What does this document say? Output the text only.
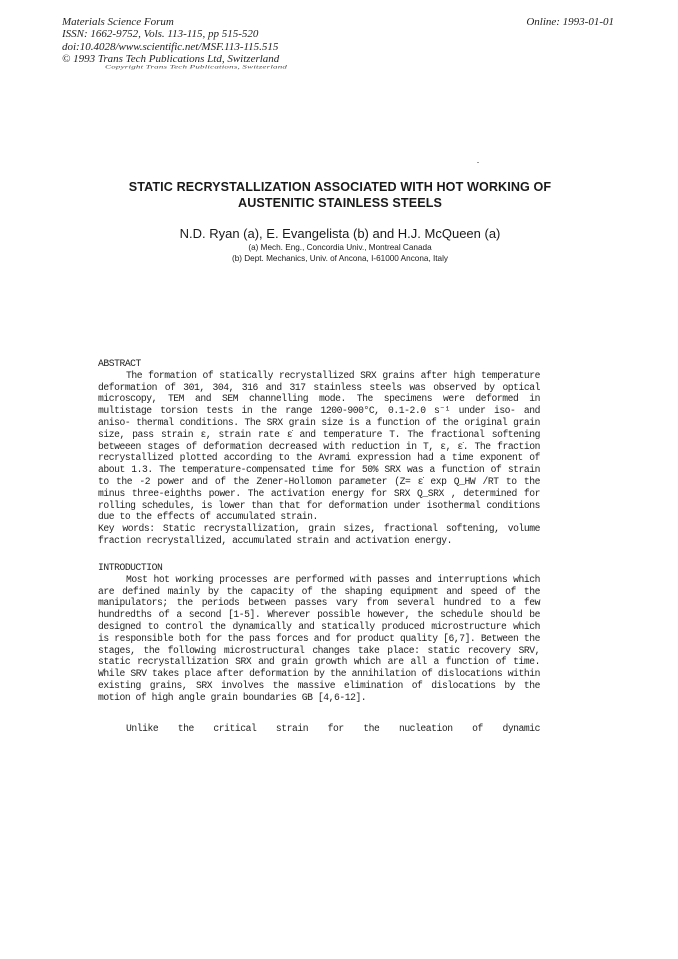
Materials Science Forum
ISSN: 1662-9752, Vols. 113-115, pp 515-520
doi:10.4028/www.scientific.net/MSF.113-115.515
© 1993 Trans Tech Publications Ltd, Switzerland
Online: 1993-01-01
Copyright Trans Tech Publications, Switzerland
STATIC RECRYSTALLIZATION ASSOCIATED WITH HOT WORKING OF
AUSTENITIC STAINLESS STEELS
N.D. Ryan (a), E. Evangelista (b) and H.J. McQueen (a)
(a) Mech. Eng., Concordia Univ., Montreal Canada
(b) Dept. Mechanics, Univ. of Ancona, I-61000 Ancona, Italy
ABSTRACT

The formation of statically recrystallized SRX grains after high temperature deformation of 301, 304, 316 and 317 stainless steels was observed by optical microscopy, TEM and SEM channelling mode. The specimens were deformed in multistage torsion tests in the range 1200-900°C, 0.1-2.0 s⁻¹ under iso- and aniso- thermal conditions. The SRX grain size is a function of the original grain size, pass strain ε, strain rate ε̇ and temperature T. The fractional softening betweeen stages of deformation decreased with reduction in T, ε, ε̇. The fraction recrystallized plotted according to the Avrami expression had a time exponent of about 1.3. The temperature-compensated time for 50% SRX was a function of strain to the -2 power and of the Zener-Hollomon parameter (Z= ε̇ exp Q_HW /RT to the minus three-eighths power. The activation energy for SRX Q_SRX , determined for rolling schedules, is lower than that for deformation under isothermal conditions due to the effects of accumulated strain.

Key words: Static recrystallization, grain sizes, fractional softening, volume fraction recrystallized, accumulated strain and activation energy.

INTRODUCTION

Most hot working processes are performed with passes and interruptions which are defined mainly by the capacity of the shaping equipment and speed of the manipulators; the periods between passes vary from several hundred to a few hundredths of a second [1-5]. Wherever possible however, the schedule should be designed to control the dynamically and statically produced microstructure which is responsible both for the pass forces and for product quality [6,7]. Between the stages, the following microstructural changes take place: static recovery SRV, static recrystallization SRX and grain growth which are all a function of time. While SRV takes place after deformation by the annihilation of dislocations within existing grains, SRX involves the massive elimination of dislocations by the motion of high angle grain boundaries GB [4,6-12].

Unlike the critical strain for the nucleation of dynamic
